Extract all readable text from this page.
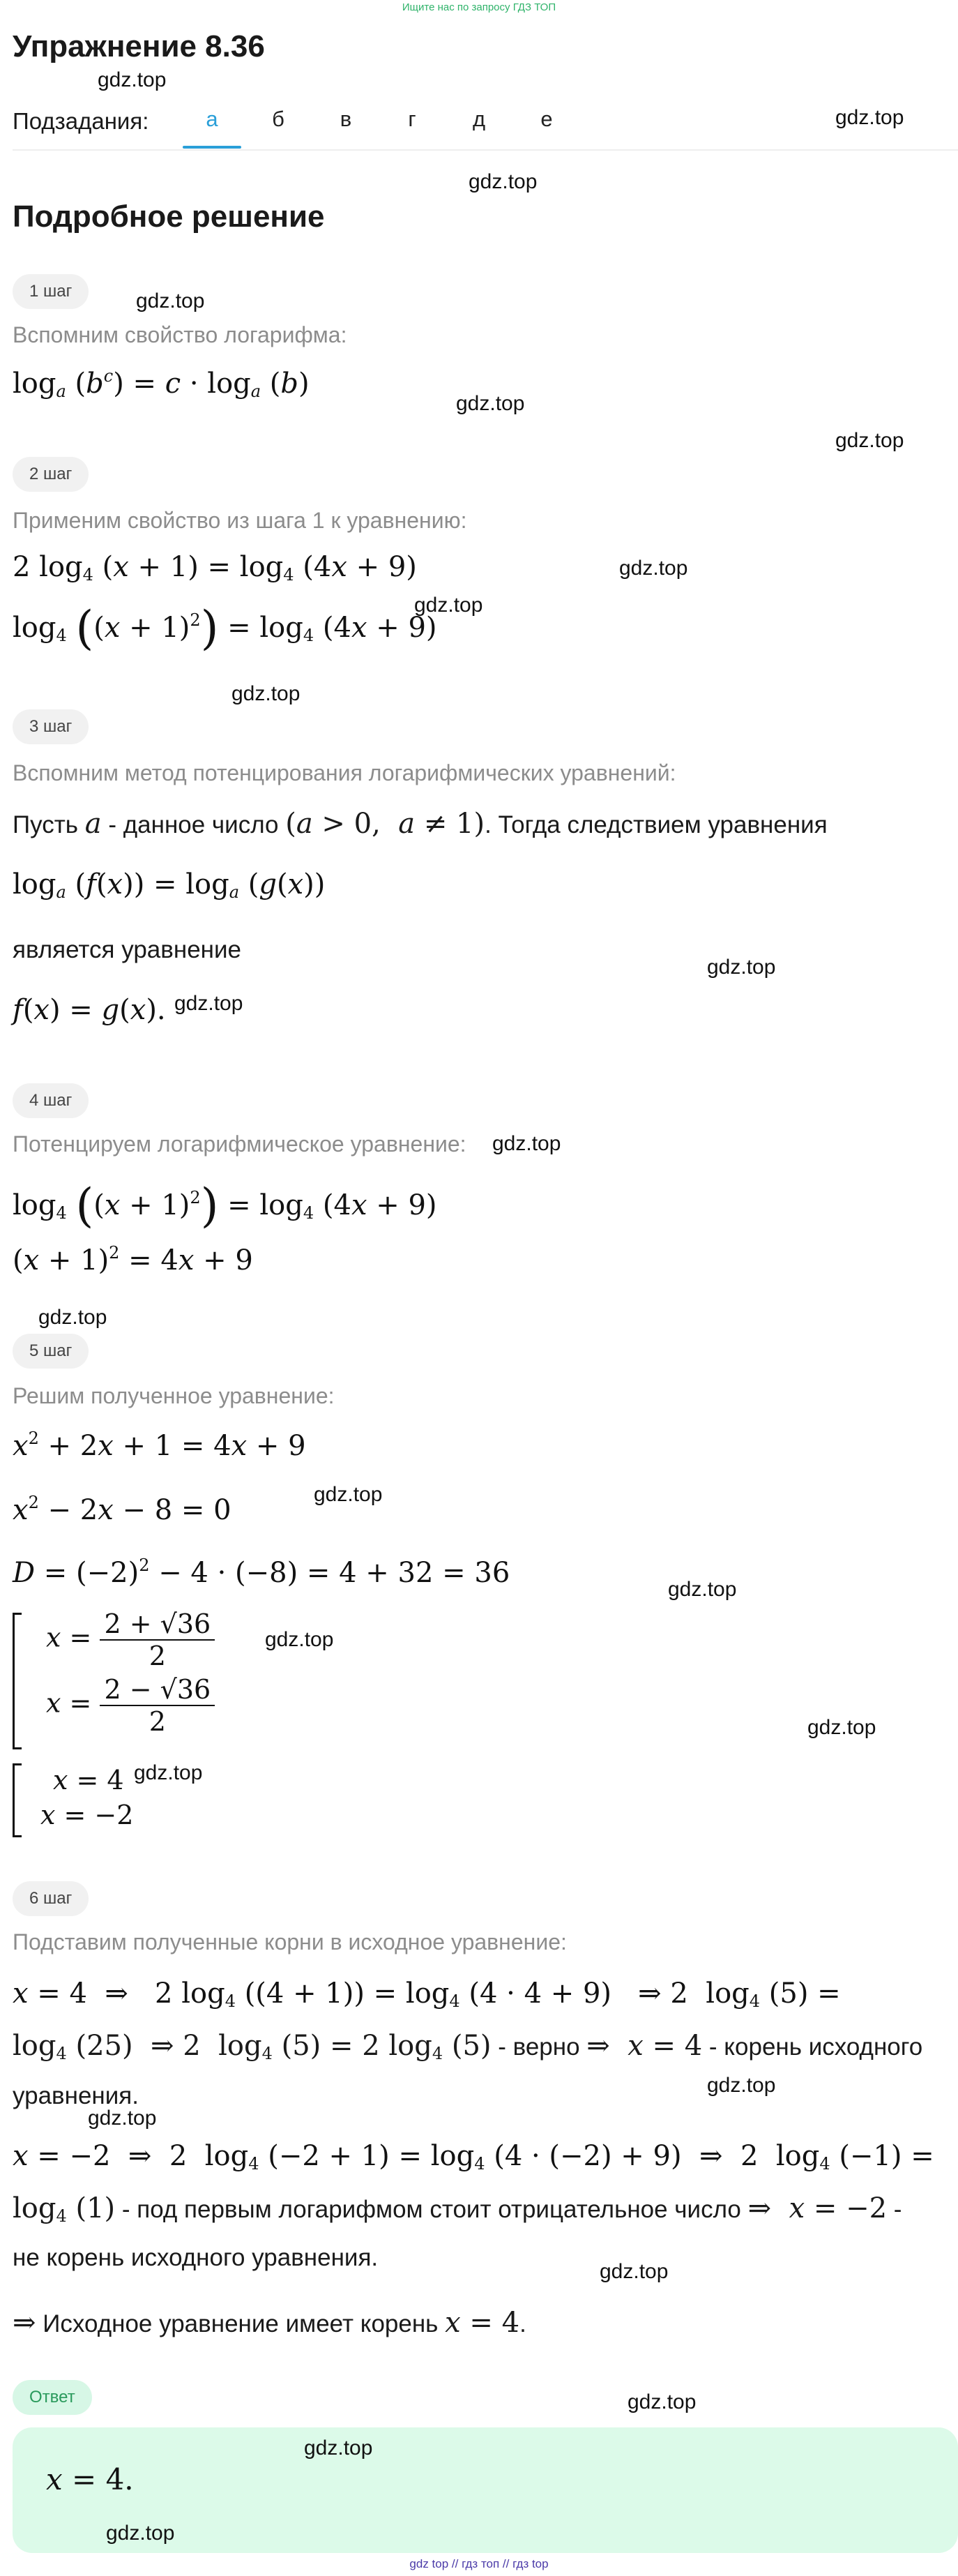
Ищите нас по запросу ГДЗ ТОП
Упражнение 8.36
gdz.top
Подзадания:	а	б	в	г	д	е	gdz.top
gdz.top
Подробное решение
1 шаг	gdz.top
Вспомним свойство логарифма:
$\log_a (b^c) = c \cdot \log_a (b)$
gdz.top
gdz.top
2 шаг
Применим свойство из шага 1 к уравнению:
2 $\log_4 (x + 1) = \log_4 (4x + 9)$	gdz.top
$\log_4 ((x + 1)^2) = \log_4 (4x + 9)$
gdz.top
gdz.top
3 шаг
Вспомним метод потенцирования логарифмических уравнений:
Пусть a - данное число (a > 0,  a ≠ 1). Тогда следствием уравнения
$\log_a (f(x)) = \log_a (g(x))$
является уравнение
gdz.top
f(x) = g(x). gdz.top
4 шаг
Потенцируем логарифмическое уравнение: gdz.top
$\log_4 ((x + 1)^2) = \log_4 (4x + 9)$
$(x + 1)^2 = 4x + 9$
gdz.top
5 шаг
Решим полученное уравнение:
$x^2 + 2x + 1 = 4x + 9$
$x^2 - 2x - 8 = 0$	gdz.top
$D = (-2)^2 - 4 \cdot (-8) = 4 + 32 = 36$
gdz.top
$x = \frac{2 + √36}{2} gdz.top$
$x = \frac{2 - √36}{2}$	gdz.top
x = 4 gdz.top
x = −2
6 шаг
Подставим полученные корни в исходное уравнение:
x = 4  ⇒   2 $\log_4 ((4 + 1)) = \log_4 (4 \cdot 4 + 9)$   ⇒ 2  $\log_4 (5)$ =
$\log_4 (25)$  ⇒ 2  $\log_4 (5) = 2$ $\log_4 (5)$ - верно ⇒  x = 4 - корень исходного
уравнения.	gdz.top
gdz.top
x = −2  ⇒  2  $\log_4 (-2 + 1) = \log_4 (4 \cdot (-2) + 9)$  ⇒  2  $\log_4 (-1)$ =
$\log_4 (1)$ - под первым логарифмом стоит отрицательное число ⇒  x = −2 -
не корень исходного уравнения.
gdz.top
⇒ Исходное уравнение имеет корень x = 4.
Ответ	gdz.top
gdz.top
x = 4.
gdz.top
gdz top // гдз топ // гдз top
